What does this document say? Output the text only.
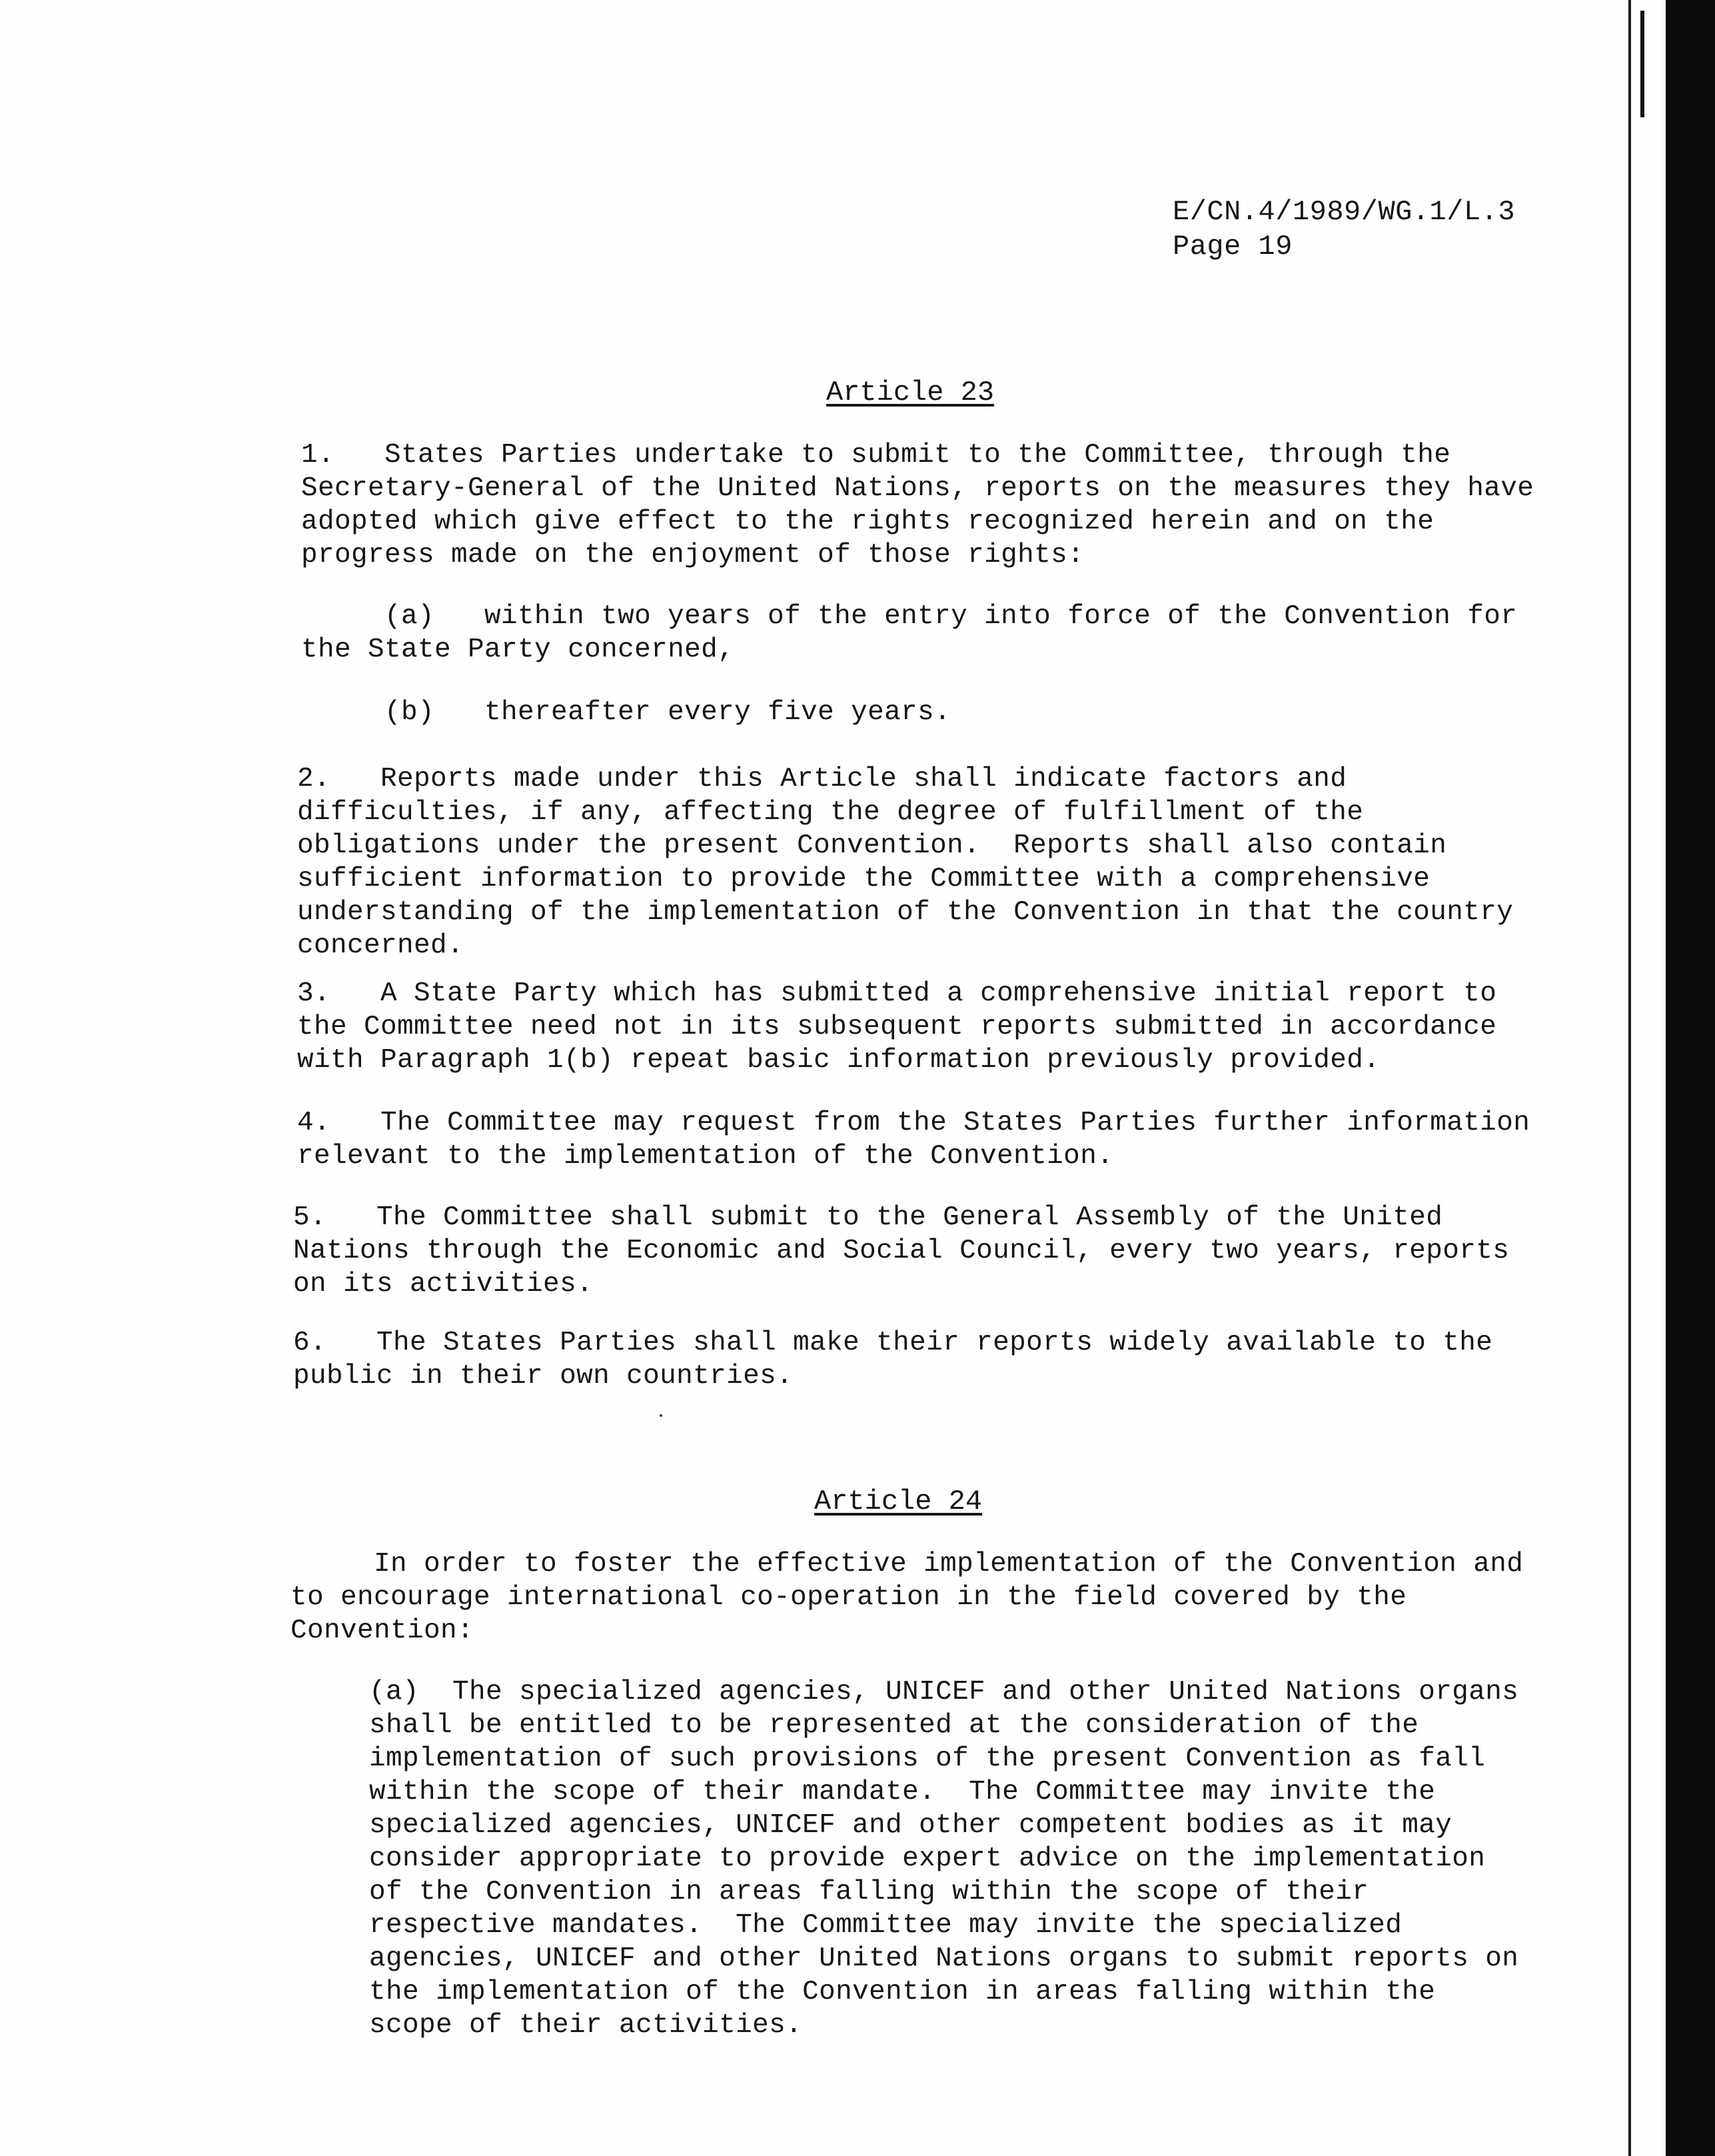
E/CN.4/1989/WG.1/L.3
Page 19
Article 23
1.   States Parties undertake to submit to the Committee, through the
Secretary-General of the United Nations, reports on the measures they have
adopted which give effect to the rights recognized herein and on the
progress made on the enjoyment of those rights:
(a)   within two years of the entry into force of the Convention for
the State Party concerned,
(b)   thereafter every five years.
2.   Reports made under this Article shall indicate factors and
difficulties, if any, affecting the degree of fulfillment of the
obligations under the present Convention.  Reports shall also contain
sufficient information to provide the Committee with a comprehensive
understanding of the implementation of the Convention in that the country
concerned.
3.   A State Party which has submitted a comprehensive initial report to
the Committee need not in its subsequent reports submitted in accordance
with Paragraph 1(b) repeat basic information previously provided.
4.   The Committee may request from the States Parties further information
relevant to the implementation of the Convention.
5.   The Committee shall submit to the General Assembly of the United
Nations through the Economic and Social Council, every two years, reports
on its activities.
6.   The States Parties shall make their reports widely available to the
public in their own countries.
Article 24
In order to foster the effective implementation of the Convention and
to encourage international co-operation in the field covered by the
Convention:
(a)  The specialized agencies, UNICEF and other United Nations organs
shall be entitled to be represented at the consideration of the
implementation of such provisions of the present Convention as fall
within the scope of their mandate.  The Committee may invite the
specialized agencies, UNICEF and other competent bodies as it may
consider appropriate to provide expert advice on the implementation
of the Convention in areas falling within the scope of their
respective mandates.  The Committee may invite the specialized
agencies, UNICEF and other United Nations organs to submit reports on
the implementation of the Convention in areas falling within the
scope of their activities.
